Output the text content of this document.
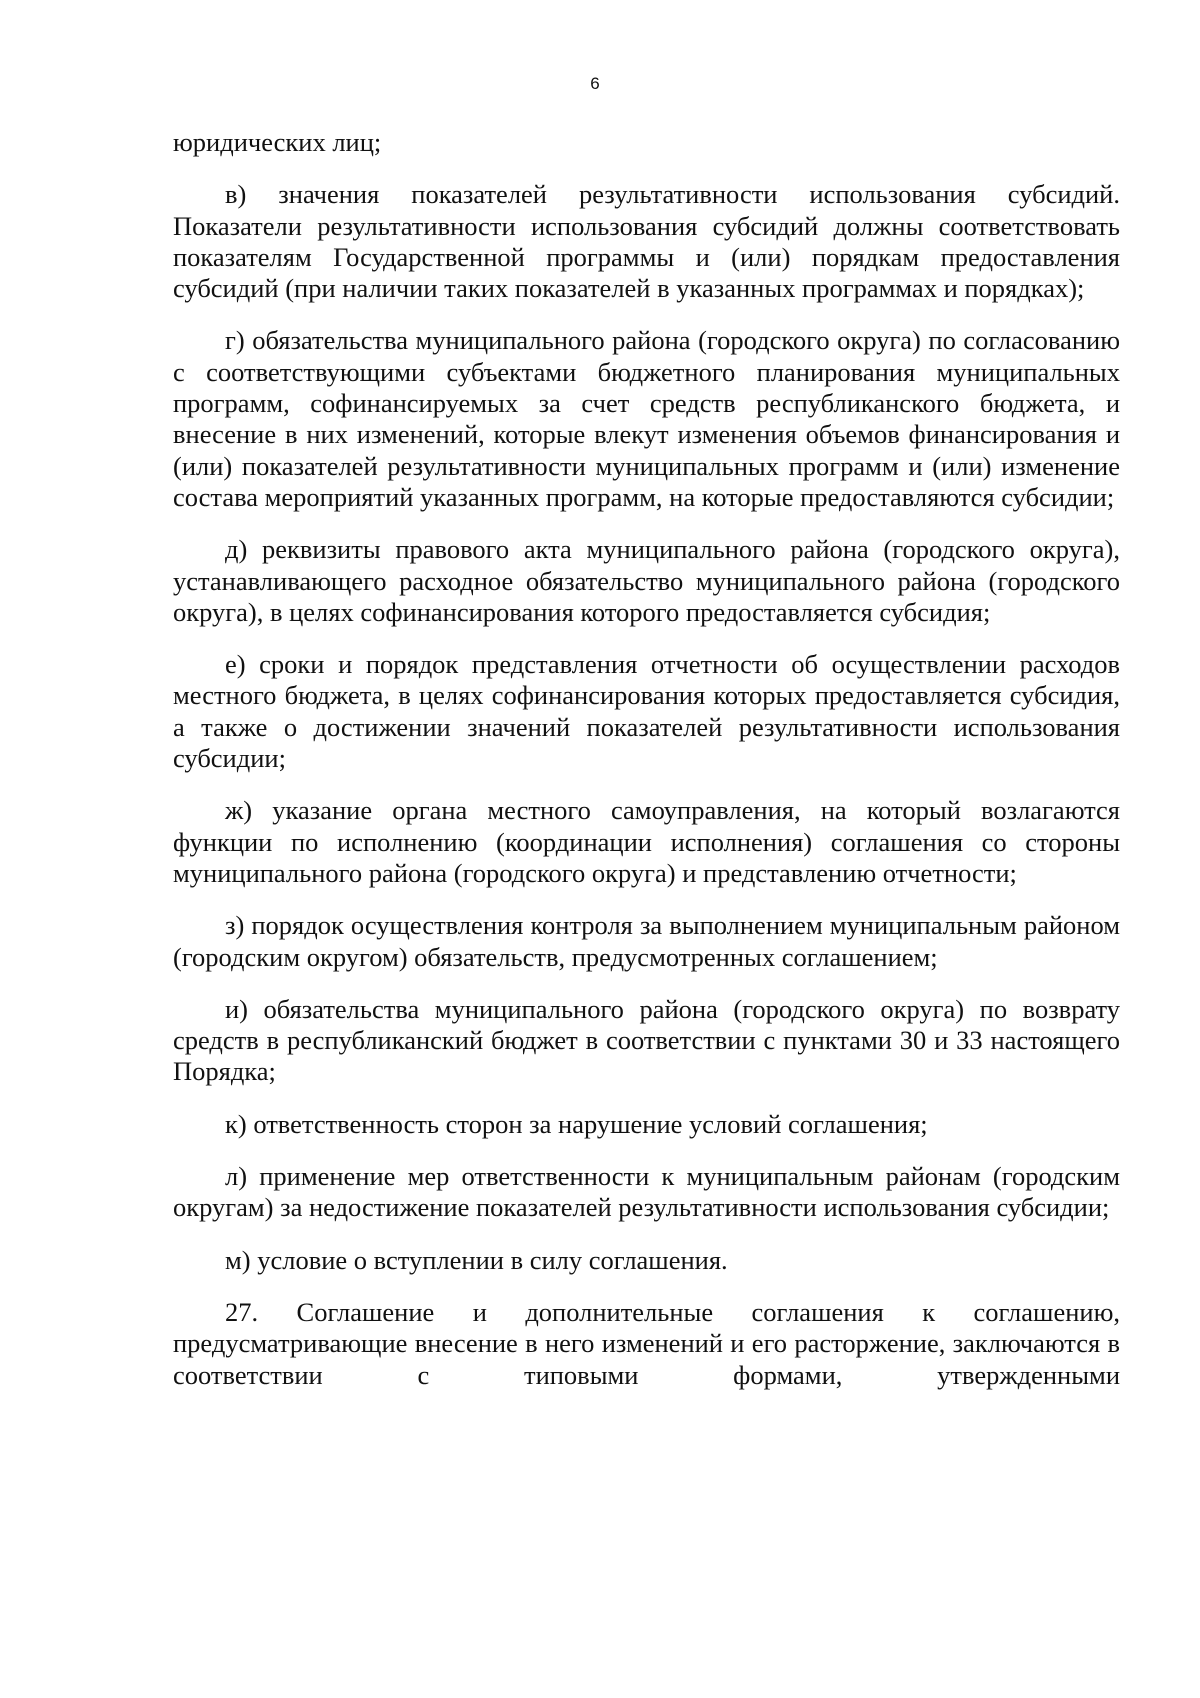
6

юридических лиц;

в) значения показателей результативности использования субсидий. Показатели результативности использования субсидий должны соответствовать показателям Государственной программы и (или) порядкам предоставления субсидий (при наличии таких показателей в указанных программах и порядках);

г) обязательства муниципального района (городского округа) по согласованию с соответствующими субъектами бюджетного планирования муниципальных программ, софинансируемых за счет средств республиканского бюджета, и внесение в них изменений, которые влекут изменения объемов финансирования и (или) показателей результативности муниципальных программ и (или) изменение состава мероприятий указанных программ, на которые предоставляются субсидии;

д) реквизиты правового акта муниципального района (городского округа), устанавливающего расходное обязательство муниципального района (городского округа), в целях софинансирования которого предоставляется субсидия;

е) сроки и порядок представления отчетности об осуществлении расходов местного бюджета, в целях софинансирования которых предоставляется субсидия, а также о достижении значений показателей результативности использования субсидии;

ж) указание органа местного самоуправления, на который возлагаются функции по исполнению (координации исполнения) соглашения со стороны муниципального района (городского округа) и представлению отчетности;

з) порядок осуществления контроля за выполнением муниципальным районом (городским округом) обязательств, предусмотренных соглашением;

и) обязательства муниципального района (городского округа) по возврату средств в республиканский бюджет в соответствии с пунктами 30 и 33 настоящего Порядка;

к) ответственность сторон за нарушение условий соглашения;

л) применение мер ответственности к муниципальным районам (городским округам) за недостижение показателей результативности использования субсидии;

м) условие о вступлении в силу соглашения.

27. Соглашение и дополнительные соглашения к соглашению, предусматривающие внесение в него изменений и его расторжение, заключаются в соответствии с типовыми формами, утвержденными
